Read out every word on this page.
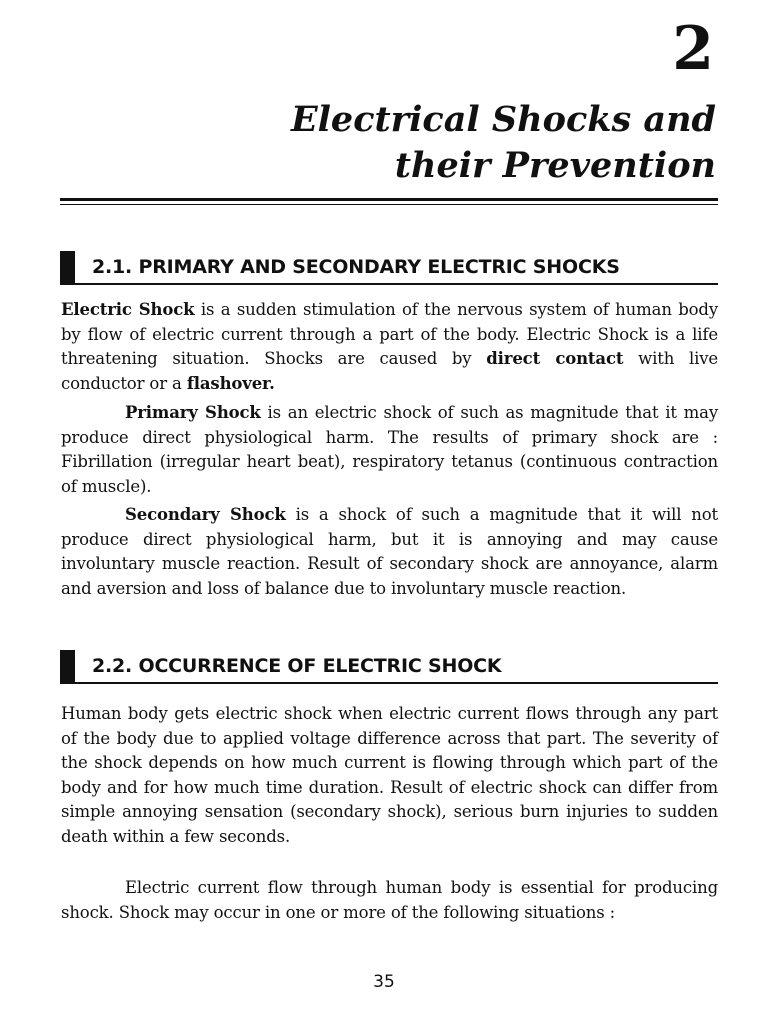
2
Electrical Shocks and
their Prevention
2.1. PRIMARY AND SECONDARY ELECTRIC SHOCKS

Electric Shock is a sudden stimulation of the nervous system of human body by flow of electric current through a part of the body. Electric Shock is a life threatening situation. Shocks are caused by direct contact with live conductor or a flashover.

Primary Shock is an electric shock of such as magnitude that it may produce direct physiological harm. The results of primary shock are : Fibrillation (irregular heart beat), respiratory tetanus (continuous contraction of muscle).

Secondary Shock is a shock of such a magnitude that it will not produce direct physiological harm, but it is annoying and may cause involuntary muscle reaction. Result of secondary shock are annoyance, alarm and aversion and loss of balance due to involuntary muscle reaction.

2.2. OCCURRENCE OF ELECTRIC SHOCK

Human body gets electric shock when electric current flows through any part of the body due to applied voltage difference across that part. The severity of the shock depends on how much current is flowing through which part of the body and for how much time duration. Result of electric shock can differ from simple annoying sensation (secondary shock), serious burn injuries to sudden death within a few seconds.

Electric current flow through human body is essential for producing shock. Shock may occur in one or more of the following situations :

35
